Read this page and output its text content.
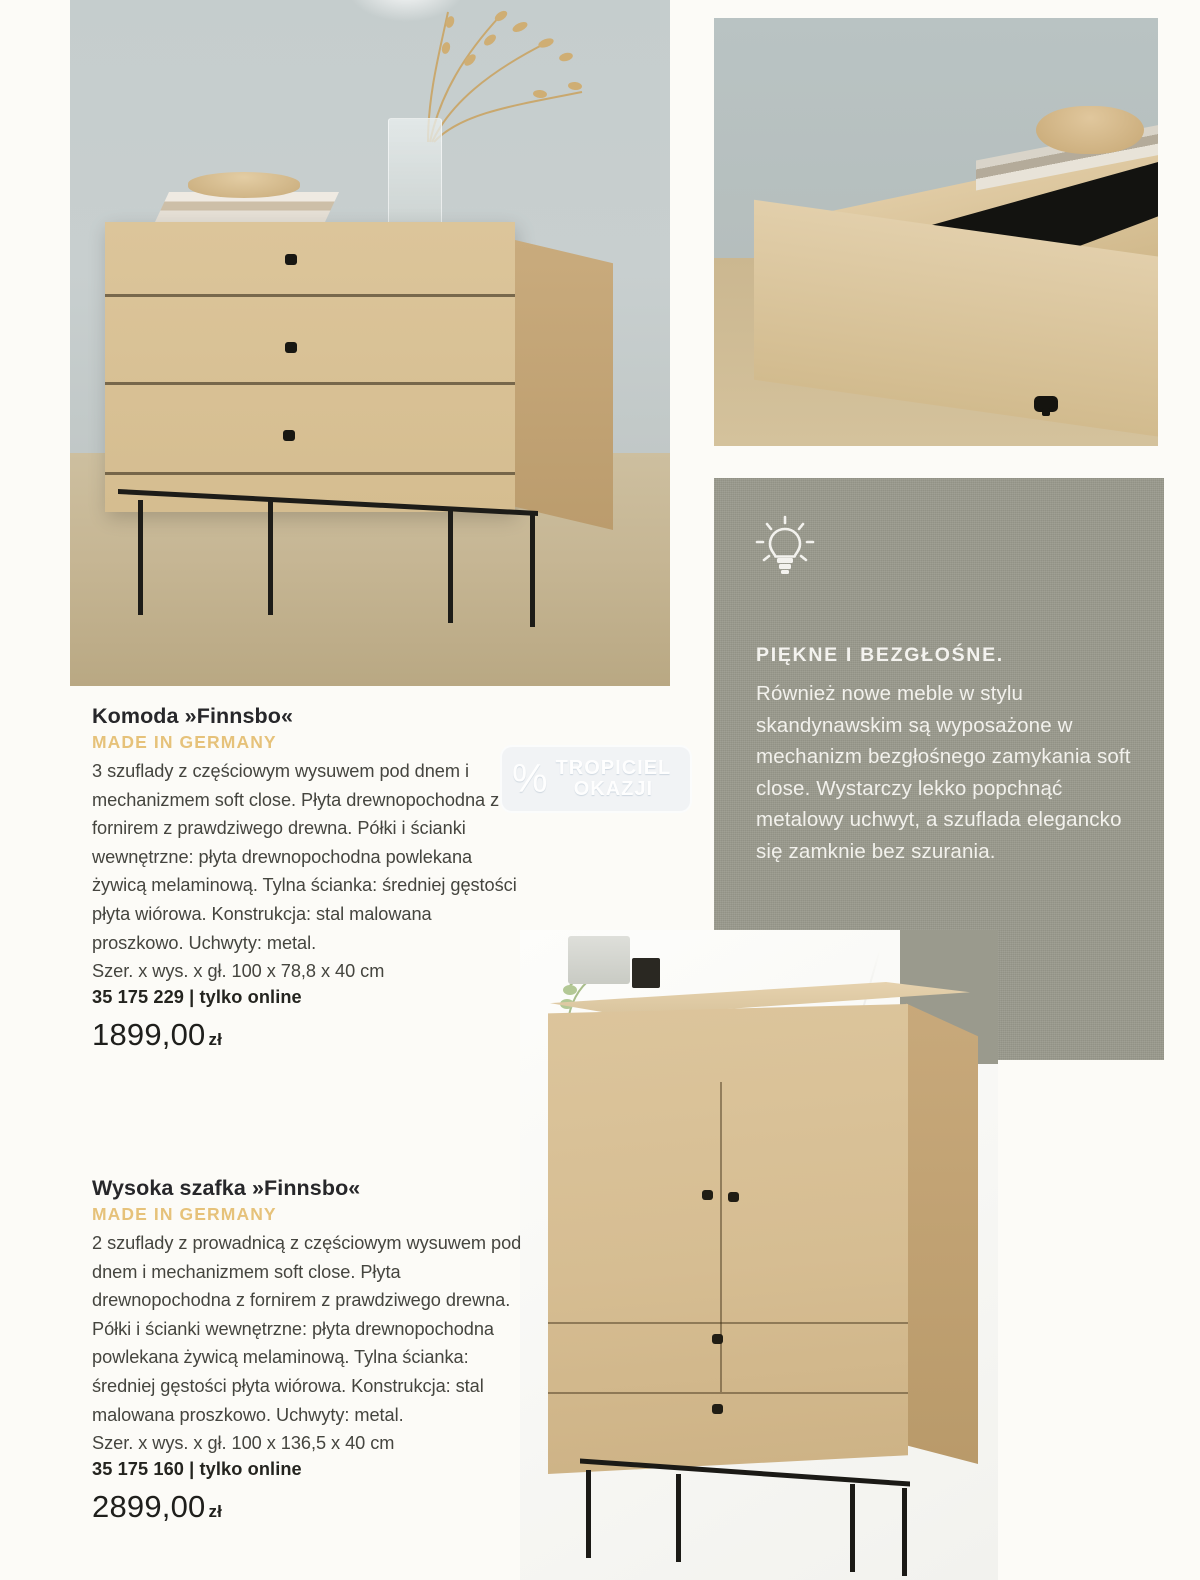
PIĘKNE I BEZGŁOŚNE.
Również nowe meble w stylu skandynawskim są wyposażone w mechanizm bezgłośnego zamykania soft close. Wystarczy lekko popchnąć metalowy uchwyt, a szuflada elegancko się zamknie bez szurania.
Komoda »Finnsbo«
MADE IN GERMANY

3 szuflady z częściowym wysuwem pod dnem i mechanizmem soft close. Płyta drewnopochodna z fornirem z prawdziwego drewna. Półki i ścianki wewnętrzne: płyta drewnopochodna powlekana żywicą melaminową. Tylna ścianka: średniej gęstości płyta wiórowa. Konstrukcja: stal malowana proszkowo. Uchwyty: metal.

Szer. x wys. x gł. 100 x 78,8 x 40 cm

35 175 229 | tylko online
1899,00 zł
Wysoka szafka »Finnsbo«
MADE IN GERMANY

2 szuflady z prowadnicą z częściowym wysuwem pod dnem i mechanizmem soft close. Płyta drewnopochodna z fornirem z prawdziwego drewna. Półki i ścianki wewnętrzne: płyta drewnopochodna powlekana żywicą melaminową. Tylna ścianka: średniej gęstości płyta wiórowa. Konstrukcja: stal malowana proszkowo. Uchwyty: metal.

Szer. x wys. x gł. 100 x 136,5 x 40 cm

35 175 160 | tylko online
2899,00 zł
% TROPICIEL
OKAZJI
